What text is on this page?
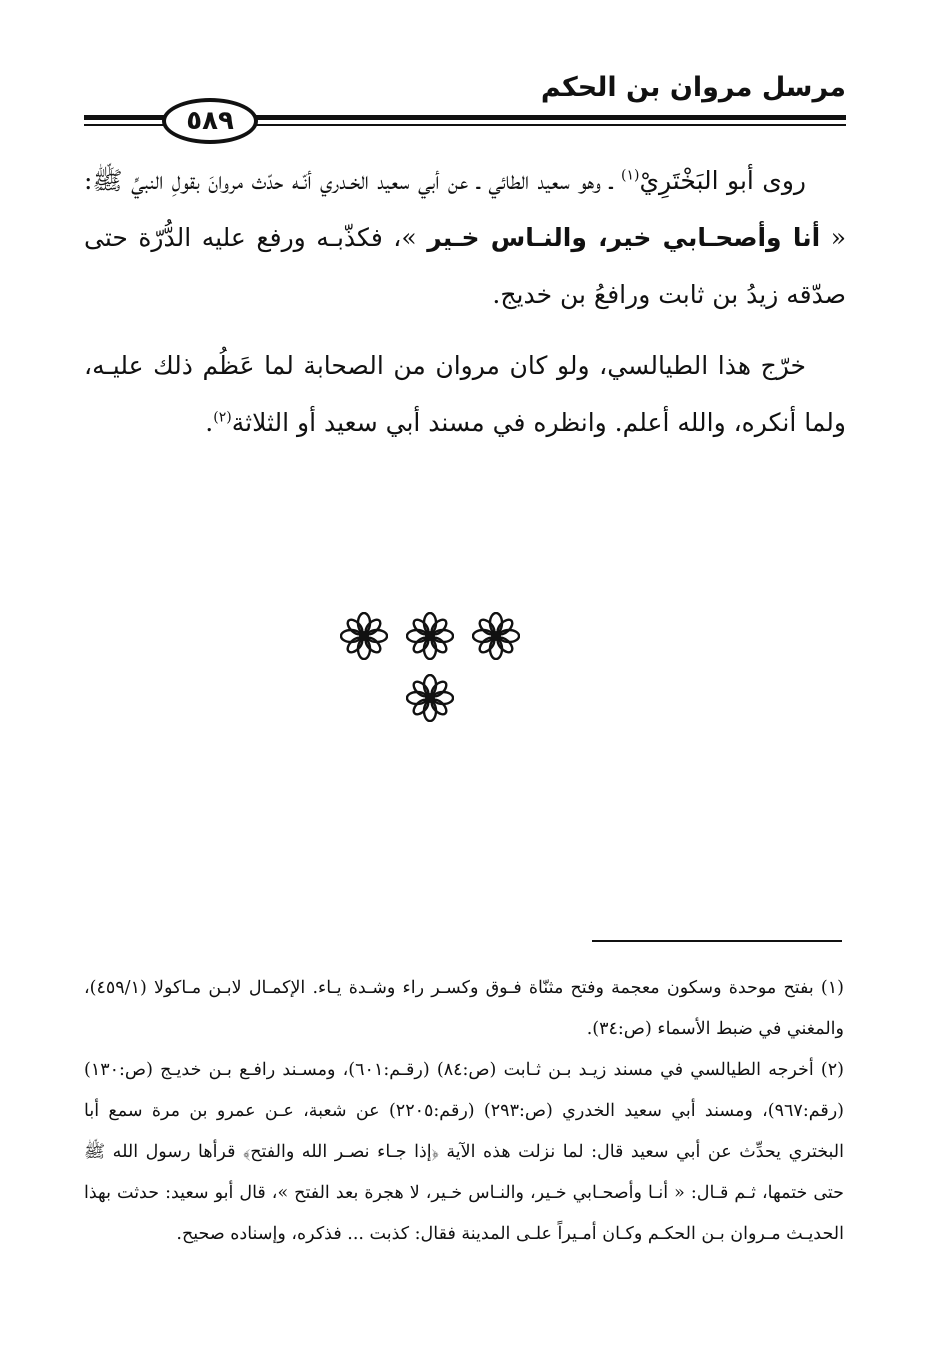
مرسل مروان بن الحكم
٥٨٩

روى أبو البَخْتَرِيْ$^{(١)}$ ـ وهو سعيد الطائي ـ عن أبي سعيد الخـدري أنّـه حدّث مروانَ بقولِ النبيِّ ﷺ: « أنا وأصحـابي خير، والنـاس خـير »، فكذّبـه ورفع عليه الدُّرّة حتى صدّقه زيدُ بن ثابت ورافعُ بن خديج.

خرّج هذا الطيالسي، ولو كان مروان من الصحابة لما عَظُم ذلك عليـه، ولما أنكره، والله أعلم. وانظره في مسند أبي سعيد أو الثلاثة$^{(٢)}$.

(١) بفتح موحدة وسكون معجمة وفتح مثنّاة فـوق وكسـر راء وشـدة يـاء. الإكمـال لابـن مـاكولا (٤٥٩/١)، والمغني في ضبط الأسماء (ص:٣٤).

(٢) أخرجه الطيالسي في مسند زيـد بـن ثـابت (ص:٨٤) (رقـم:٦٠١)، ومسـند رافـع بـن خديـج (ص:١٣٠) (رقم:٩٦٧)، ومسند أبي سعيد الخدري (ص:٢٩٣) (رقم:٢٢٠٥) عن شعبة، عـن عمرو بن مرة سمع أبا البختري يحدِّث عن أبي سعيد قال: لما نزلت هذه الآية ﴿إذا جـاء نصـر الله والفتح﴾ قرأها رسول الله ﷺ حتى ختمها، ثـم قـال: « أنـا وأصحـابي خـير، والنـاس خـير، لا هجرة بعد الفتح »، قال أبو سعيد: حدثت بهذا الحديـث مـروان بـن الحكـم وكـان أمـيراً علـى المدينة فقال: كذبت ... فذكره، وإسناده صحيح.
